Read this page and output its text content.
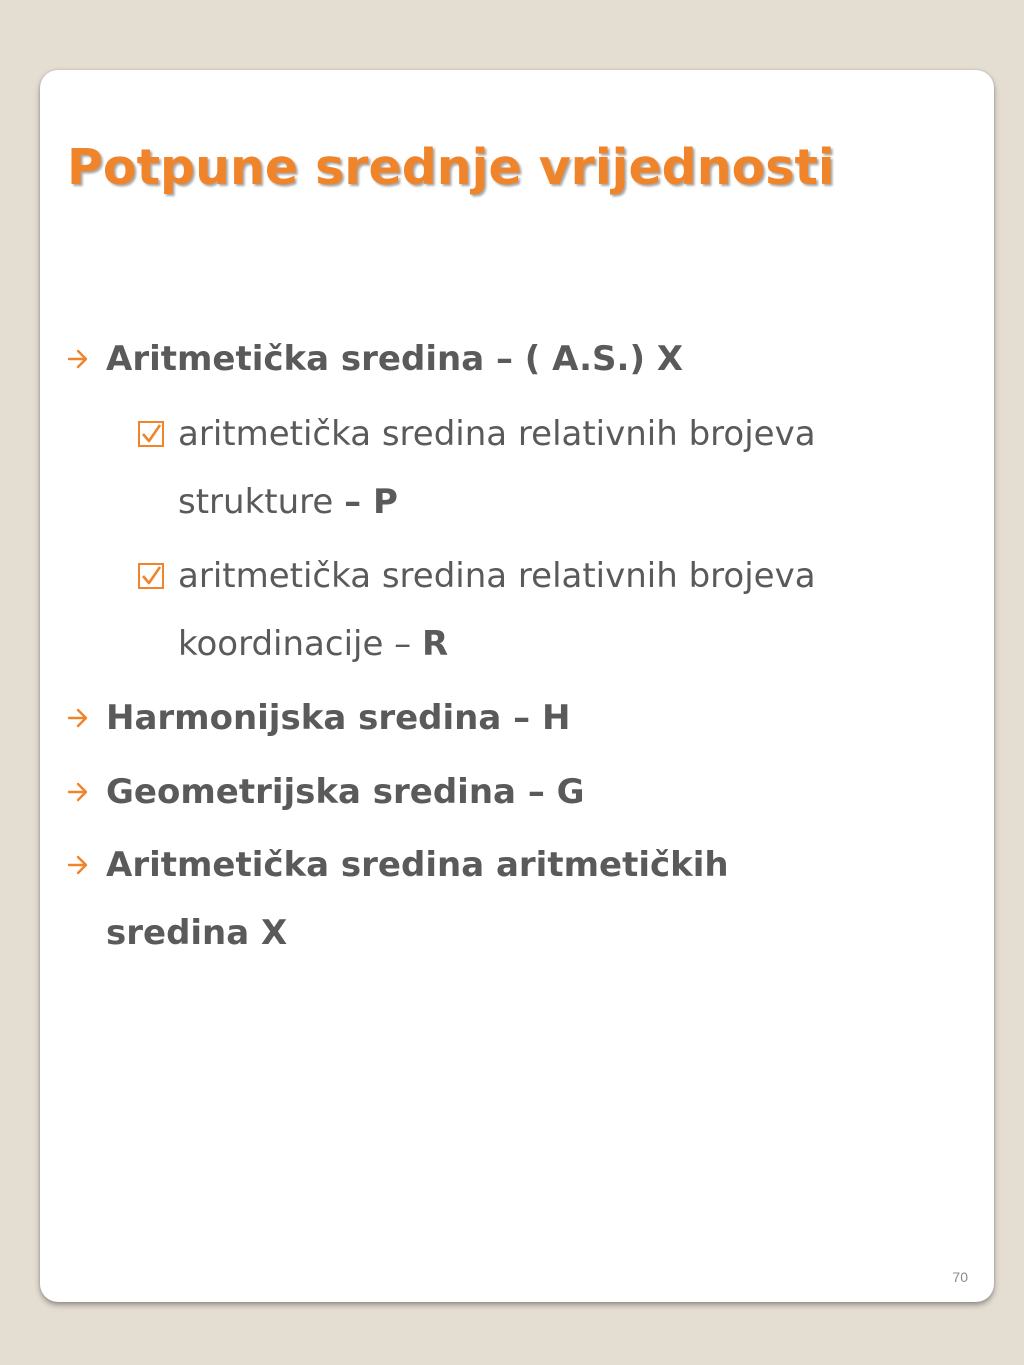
Potpune srednje vrijednosti
Aritmetička sredina – ( A.S.) X
aritmetička sredina relativnih brojeva
strukture – P
aritmetička sredina relativnih brojeva
koordinacije – R
Harmonijska sredina – H
Geometrijska sredina – G
Aritmetička sredina aritmetičkih
sredina X
70
